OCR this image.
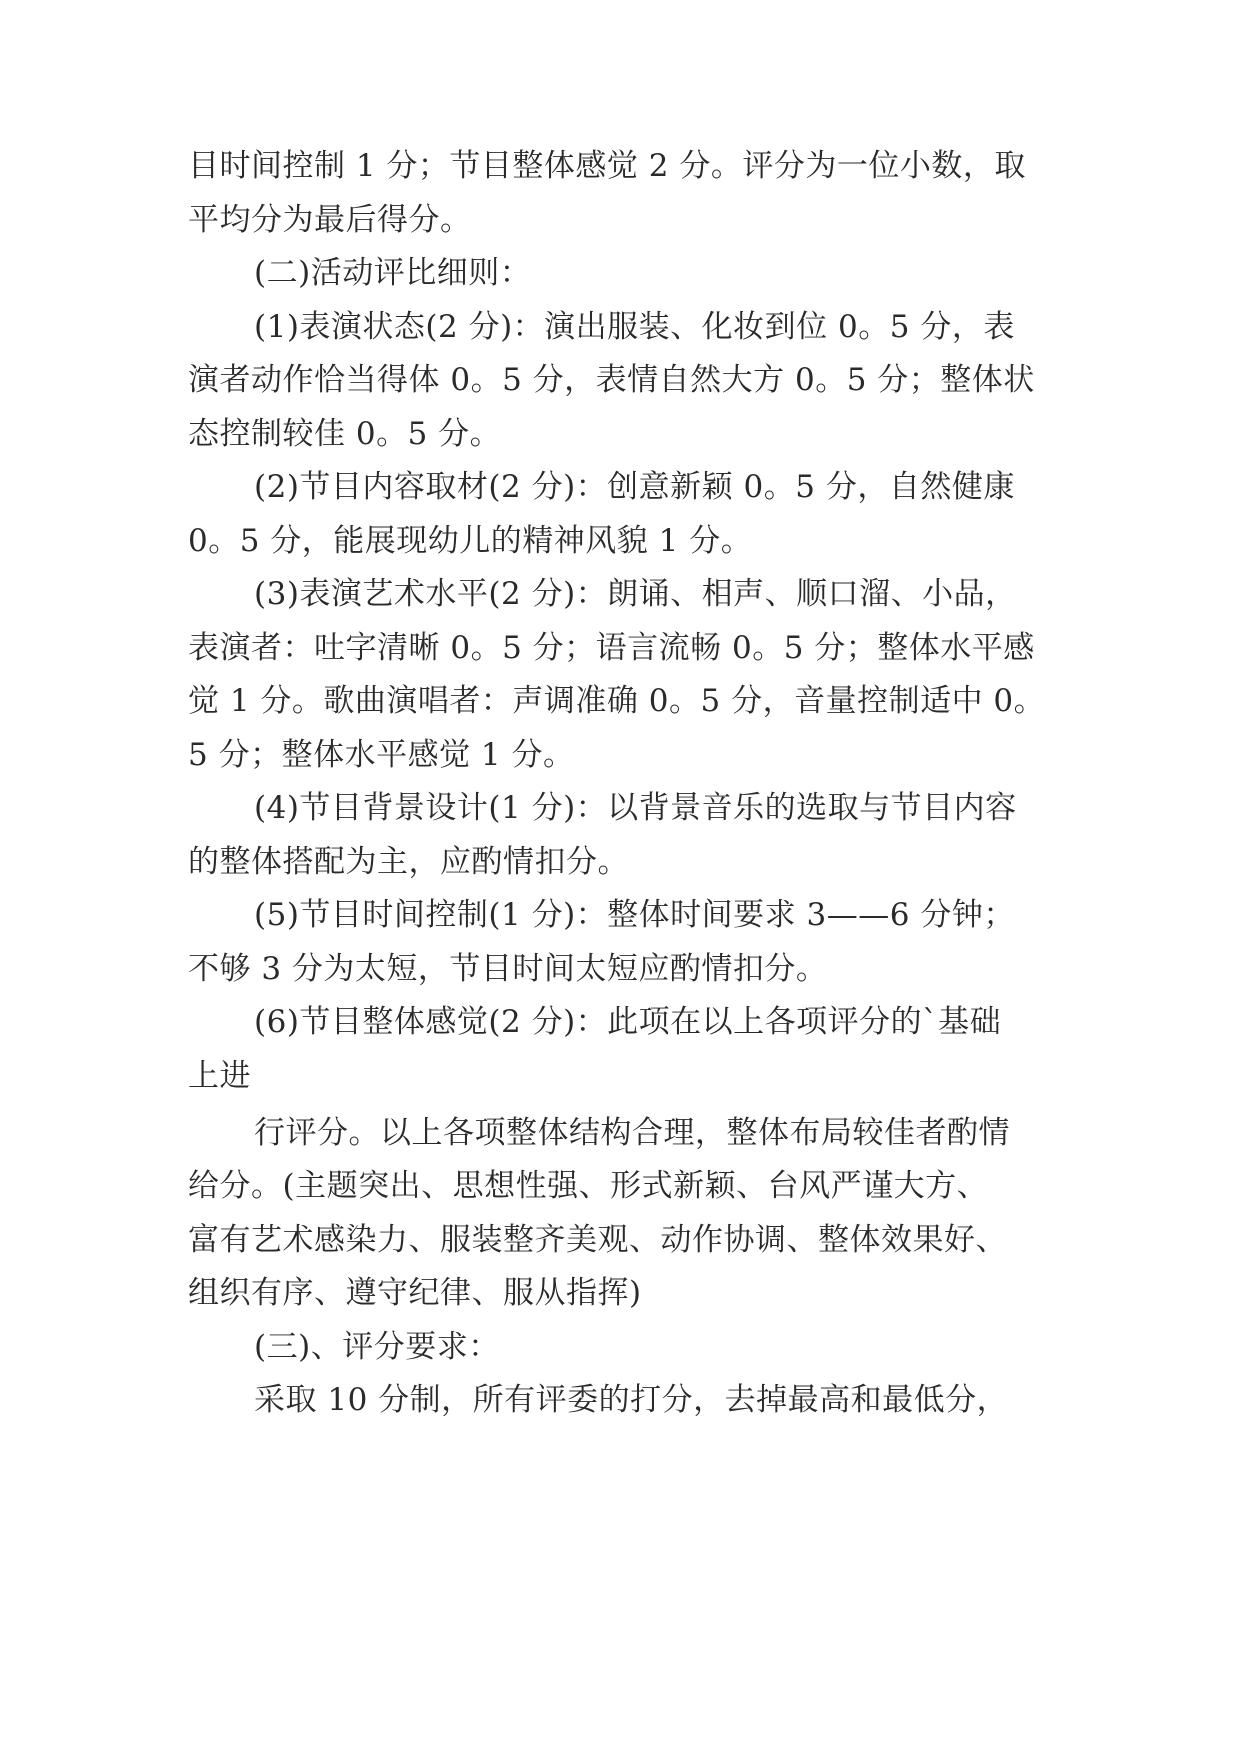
目时间控制 1 分；节目整体感觉 2 分。评分为一位小数，取
平均分为最后得分。
(二)活动评比细则：
(1)表演状态(2 分)：演出服装、化妆到位 0。5 分，表
演者动作恰当得体 0。5 分，表情自然大方 0。5 分；整体状
态控制较佳 0。5 分。
(2)节目内容取材(2 分)：创意新颖 0。5 分，自然健康
0。5 分，能展现幼儿的精神风貌 1 分。
(3)表演艺术水平(2 分)：朗诵、相声、顺口溜、小品，
表演者：吐字清晰 0。5 分；语言流畅 0。5 分；整体水平感
觉 1 分。歌曲演唱者：声调准确 0。5 分，音量控制适中 0。
5 分；整体水平感觉 1 分。
(4)节目背景设计(1 分)：以背景音乐的选取与节目内容
的整体搭配为主，应酌情扣分。
(5)节目时间控制(1 分)：整体时间要求 3——6 分钟；
不够 3 分为太短，节目时间太短应酌情扣分。
(6)节目整体感觉(2 分)：此项在以上各项评分的`基础
上进
行评分。以上各项整体结构合理，整体布局较佳者酌情
给分。(主题突出、思想性强、形式新颖、台风严谨大方、
富有艺术感染力、服装整齐美观、动作协调、整体效果好、
组织有序、遵守纪律、服从指挥)
(三)、评分要求：
采取 10 分制，所有评委的打分，去掉最高和最低分，
